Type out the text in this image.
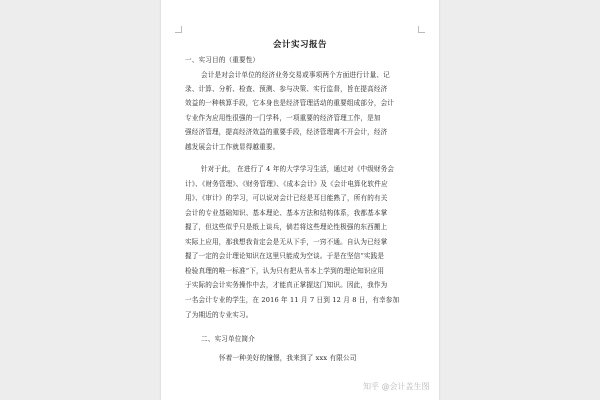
会计实习报告
一、实习目的（重要性）
会计是对会计单位的经济业务交易或事项两个方面进行计量、记
录、计算、分析、检查、预测、参与决策、实行监督，旨在提高经济
效益的一种核算手段，它本身也是经济管理活动的重要组成部分，会计
专业作为应用性很强的一门学科，一项重要的经济管理工作，是加
强经济管理，提高经济效益的重要手段，经济管理离不开会计，经济
越发展会计工作就显得越重要。
针对于此， 在进行了 4 年的大学学习生活，通过对《中级财务会
计》、《财务管理》、《财务管理》、《成本会计》及《会计电算化软件应
用》、《审计》的学习，可以说对会计已经是耳目能熟了，所有的有关
会计的专业基础知识、基本理论、基本方法和结构体系，我都基本掌
握了，但这些似乎只是纸上谈兵，倘若将这些理论性极强的东西搬上
实际上应用，那我想我肯定会是无从下手，一窍不通。自认为已经掌
握了一定的会计理论知识在这里只能成为空谈。于是在坚信“实践是
检验真理的唯一标准”下，认为只有把从书本上学到的理论知识应用
于实际的会计实务操作中去，才能真正掌握这门知识。因此，我作为
一名会计专业的学生，在 2016 年 11 月 7 日到 12 月 8 日，有幸参加
了为期近的专业实习。
二、实习单位简介
怀着一种美好的憧憬，我来到了 xxx 有限公司
知乎 @会计盖生图
